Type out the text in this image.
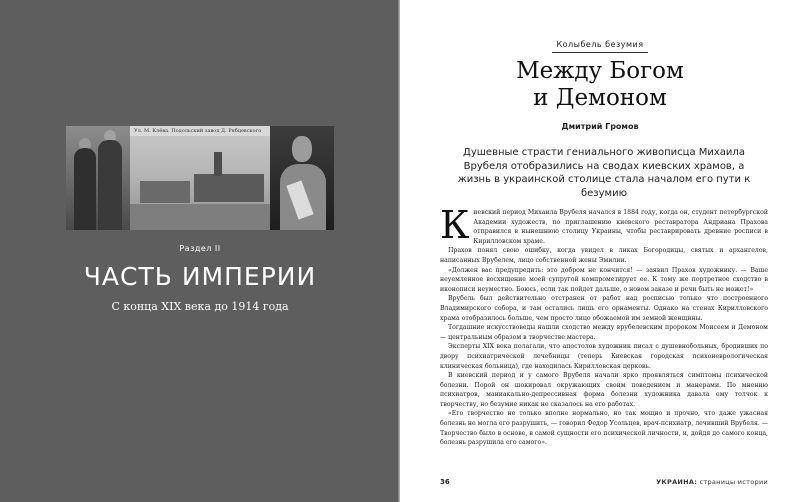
Ул. М. Клёва. Подольский завод Д. Рябцевского
Раздел II
ЧАСТЬ ИМПЕРИИ
С конца XIX века до 1914 года
Колыбель безумия
Между Богом
и Демоном
Дмитрий Громов
Душевные страсти гениального живописца Михаила Врубеля отобразились на сводах киевских храмов, а жизнь в украинской столице стала началом его пути к безумию

Киевский период Михаила Врубеля начался в 1884 году, когда он, студент петербургской Академии художеств, по приглашению киевского реставратора Андриана Прахова отправился в нынешнюю столицу Украины, чтобы реставрировать древние росписи в Кирилловском храме.

Прахов понял свою ошибку, когда увидел в ликах Богородицы, святых и архангелов, написанных Врубелем, лицо собственной жены Эмилии.

«Должен вас предупредить: это добром не кончится! — заявил Прахов художнику. — Ваше неуемленное восхищение моей супругой компрометирует ее. К тому же портретное сходство в иконописи неуместно. Боюсь, если так пойдет дальше, о новом заказе и речи быть не может!»

Врубель был действительно отстранен от работ над росписью только что построенного Владимирского собора, и там остались лишь его орнаменты. Однако на стенах Кирилловского храма отобразилось больше, чем просто лицо обожаемой им земной женщины.

Тогдашние искусствоведы нашли сходство между врубелевским пророком Моисеем и Демоном — центральным образом в творчестве мастера.

Эксперты XIX века полагали, что апостолов художник писал с душевнобольных, бродивших по двору психиатрической лечебницы (теперь Киевская городская психоневрологическая клиническая больница), где находилась Кирилловская церковь.

В киевский период и у самого Врубеля начали ярко проявляться симптомы психической болезни. Порой он шокировал окружающих своим поведением и манерами. По мнению психиатров, маниакально-депрессивная форма болезни художника давала ему толчок к творчеству, но безумие никак не сказалось на его работах.

«Его творчество не только вполне нормально, но так мощно и прочно, что даже ужасная болезнь не могла его разрушить, — говорил Федор Усольцев, врач-психиатр, лечивший Врубеля. — Творчество было в основе, в самой сущности его психической личности, и, дойдя до самого конца, болезнь разрушила его самого».

36	УКРАИНА: страницы истории
